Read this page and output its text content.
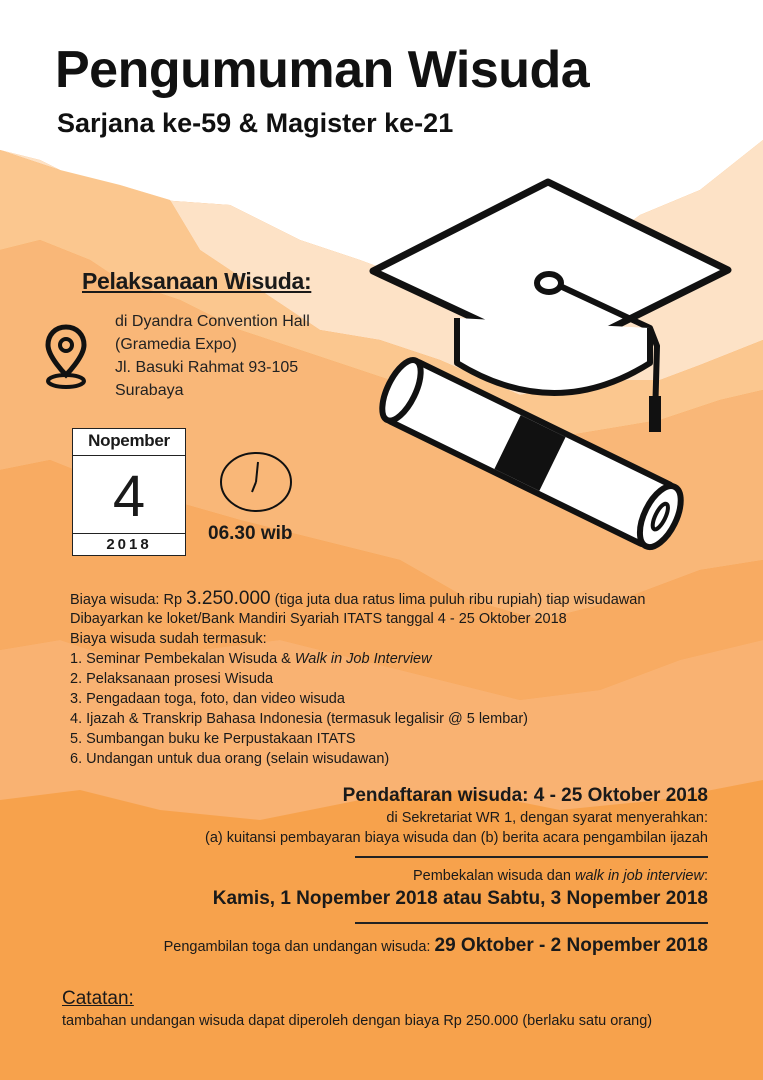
Pengumuman Wisuda
Sarjana ke-59 & Magister ke-21
Pelaksanaan Wisuda:
di Dyandra Convention Hall
(Gramedia Expo)
Jl. Basuki Rahmat 93-105
Surabaya
Nopember
4
2018
06.30 wib
Biaya wisuda: Rp 3.250.000 (tiga juta dua ratus lima puluh ribu rupiah) tiap wisudawan
Dibayarkan ke loket/Bank Mandiri Syariah ITATS tanggal 4 - 25 Oktober 2018
Biaya wisuda sudah termasuk:
1. Seminar Pembekalan Wisuda & Walk in Job Interview
2. Pelaksanaan prosesi Wisuda
3. Pengadaan toga, foto, dan video wisuda
4. Ijazah & Transkrip Bahasa Indonesia (termasuk legalisir @ 5 lembar)
5. Sumbangan buku ke Perpustakaan ITATS
6. Undangan untuk dua orang (selain wisudawan)
Pendaftaran wisuda: 4 - 25 Oktober 2018
di Sekretariat WR 1, dengan syarat menyerahkan:
(a) kuitansi pembayaran biaya wisuda dan (b) berita acara pengambilan ijazah
Pembekalan wisuda dan walk in job interview:
Kamis, 1 Nopember 2018 atau Sabtu, 3 Nopember 2018
Pengambilan toga dan undangan wisuda: 29 Oktober - 2 Nopember 2018
Catatan:
tambahan undangan wisuda dapat diperoleh dengan biaya Rp 250.000 (berlaku satu orang)
